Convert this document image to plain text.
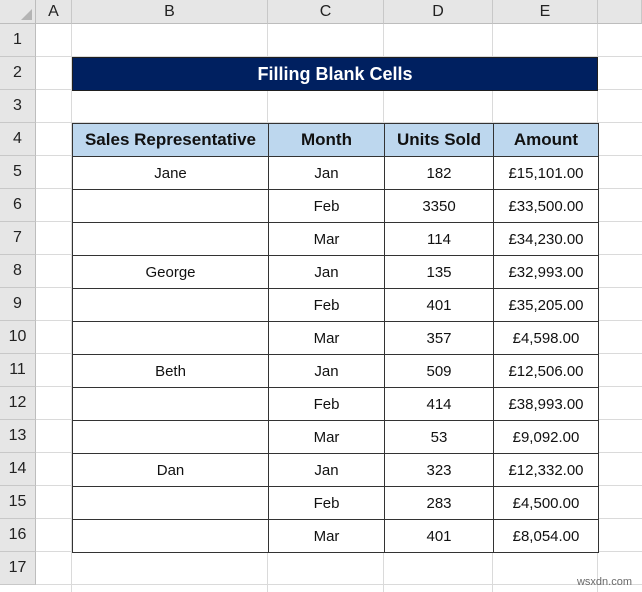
A	B	C	D	E
1
2
3
4
5
6
7
8
9
10
11
12
13
14
15
16
17
Filling Blank Cells
Sales Representative	Month	Units Sold	Amount
Jane	Jan	182	£15,101.00
	Feb	3350	£33,500.00
	Mar	114	£34,230.00
George	Jan	135	£32,993.00
	Feb	401	£35,205.00
	Mar	357	£4,598.00
Beth	Jan	509	£12,506.00
	Feb	414	£38,993.00
	Mar	53	£9,092.00
Dan	Jan	323	£12,332.00
	Feb	283	£4,500.00
	Mar	401	£8,054.00
wsxdn.com
